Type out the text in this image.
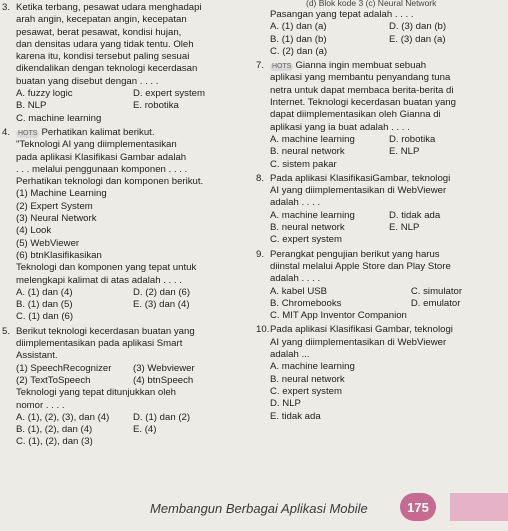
(d) Blok kode 3 (c) Neural Network
3. Ketika terbang, pesawat udara menghadapi
arah angin, kecepatan angin, kecepatan
pesawat, berat pesawat, kondisi hujan,
dan densitas udara yang tidak tentu. Oleh
karena itu, kondisi tersebut paling sesuai
dikendalikan dengan teknologi kecerdasan
buatan yang disebut dengan . . . .
A. fuzzy logic	D. expert system
B. NLP	E. robotika
C. machine learning
4.	HOTS Perhatikan kalimat berikut.
"Teknologi AI yang diimplementasikan
pada aplikasi Klasifikasi Gambar adalah
. . . melalui penggunaan komponen . . . .
Perhatikan teknologi dan komponen berikut.
(1) Machine Learning
(2) Expert System
(3) Neural Network
(4) Look
(5) WebViewer
(6) btnKlasifikasikan
Teknologi dan komponen yang tepat untuk
melengkapi kalimat di atas adalah . . . .
A. (1) dan (4)	D. (2) dan (6)
B. (1) dan (5)	E. (3) dan (4)
C. (1) dan (6)
5. Berikut teknologi kecerdasan buatan yang
diimplementasikan pada aplikasi Smart
Assistant.
(1) SpeechRecognizer	(3) Webviewer
(2) TextToSpeech	(4) btnSpeech
Teknologi yang tepat ditunjukkan oleh
nomor . . . .
A. (1), (2), (3), dan (4)	D. (1) dan (2)
B. (1), (2), dan (4)	E. (4)
C. (1), (2), dan (3)
Pasangan yang tepat adalah . . . .
A. (1) dan (a)	D. (3) dan (b)
B. (1) dan (b)	E. (3) dan (a)
C. (2) dan (a)
7.	HOTS Gianna ingin membuat sebuah
aplikasi yang membantu penyandang tuna
netra untuk dapat membaca berita-berita di
Internet. Teknologi kecerdasan buatan yang
dapat diimplementasikan oleh Gianna di
aplikasi yang ia buat adalah . . . .
A. machine learning	D. robotika
B. neural network	E. NLP
C. sistem pakar
8. Pada aplikasi KlasifikasiGambar, teknologi
AI yang diimplementasikan di WebViewer
adalah . . . .
A. machine learning	D. tidak ada
B. neural network	E. NLP
C. expert system
9. Perangkat pengujian berikut yang harus
diinstal melalui Apple Store dan Play Store
adalah . . . .
A. kabel USB	C. simulator
B. Chromebooks	D. emulator
C. MIT App Inventor Companion
10. Pada aplikasi Klasifikasi Gambar, teknologi
AI yang diimplementasikan di WebViewer
adalah ...
A. machine learning
B. neural network
C. expert system
D. NLP
E. tidak ada
Membangun Berbagai Aplikasi Mobile	175
